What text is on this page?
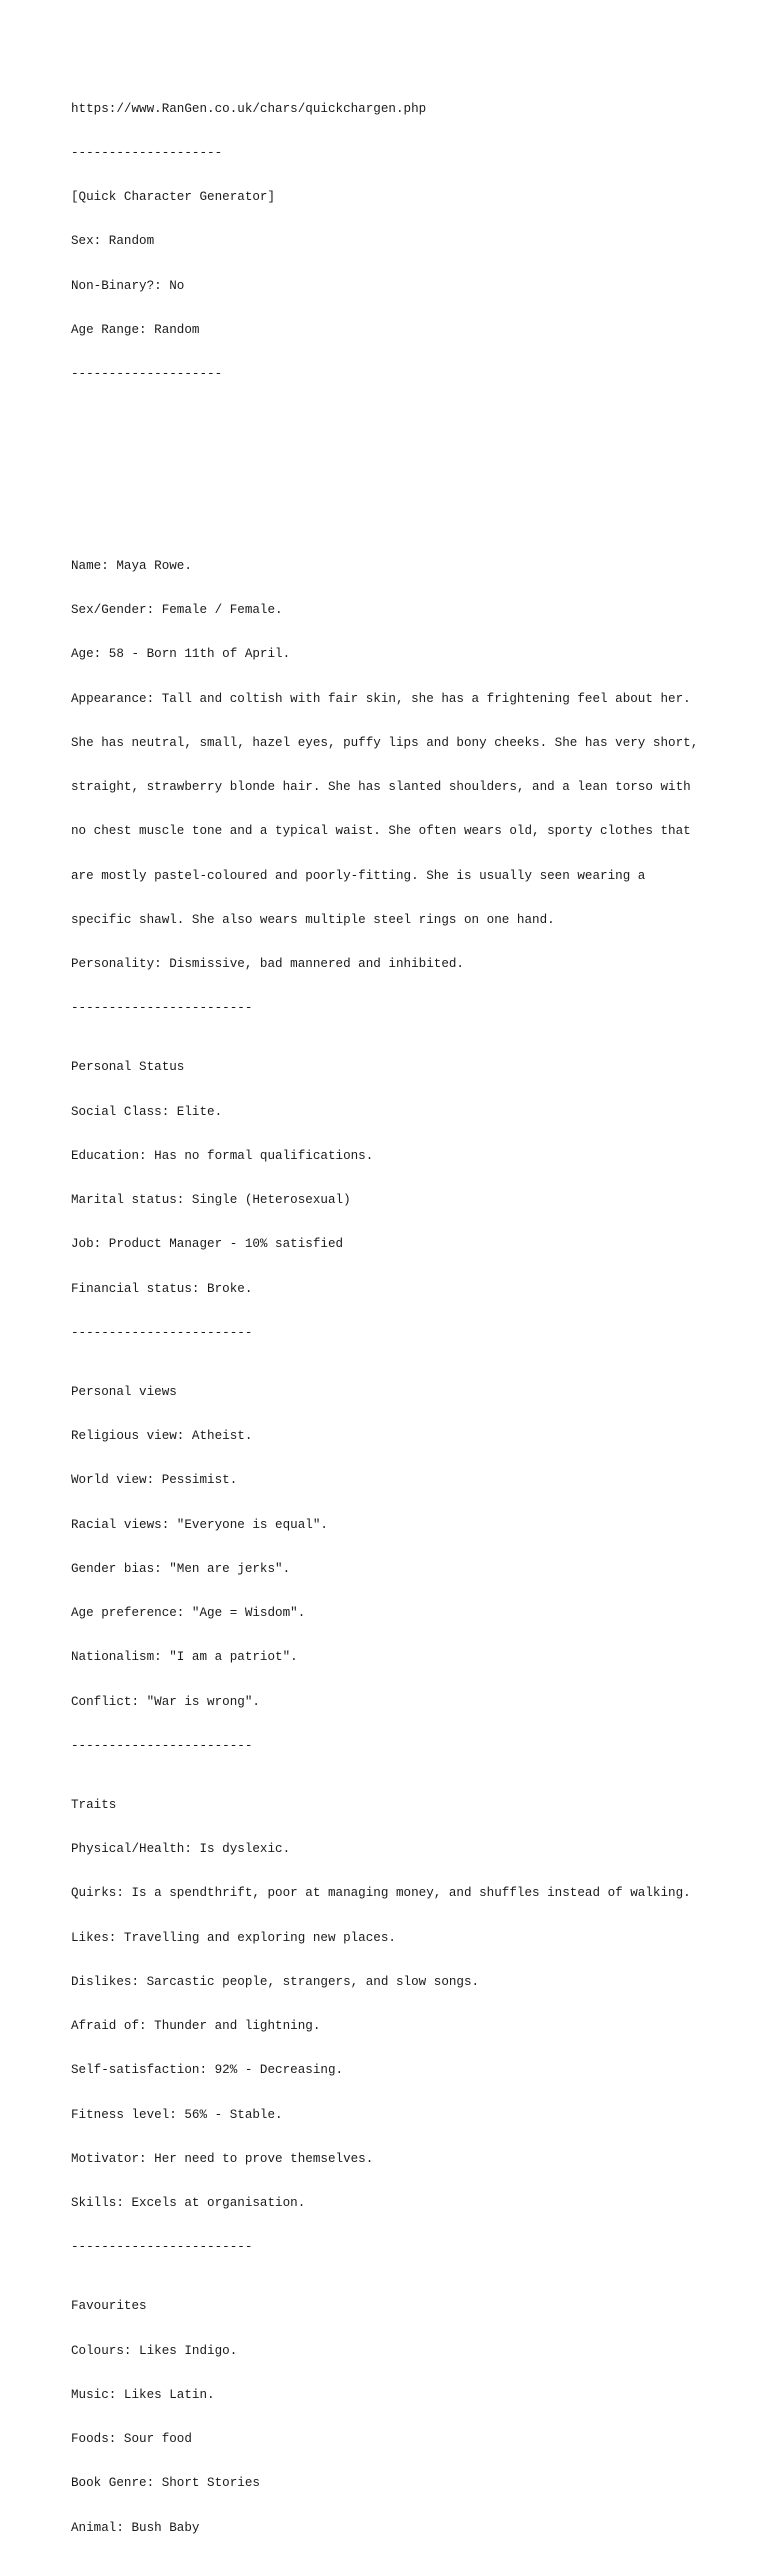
https://www.RanGen.co.uk/chars/quickchargen.php

--------------------

[Quick Character Generator]

Sex: Random

Non-Binary?: No

Age Range: Random

--------------------

Name: Maya Rowe.

Sex/Gender: Female / Female.

Age: 58 - Born 11th of April.

Appearance: Tall and coltish with fair skin, she has a frightening feel about her.

She has neutral, small, hazel eyes, puffy lips and bony cheeks. She has very short,

straight, strawberry blonde hair. She has slanted shoulders, and a lean torso with

no chest muscle tone and a typical waist. She often wears old, sporty clothes that

are mostly pastel-coloured and poorly-fitting. She is usually seen wearing a

specific shawl. She also wears multiple steel rings on one hand.

Personality: Dismissive, bad mannered and inhibited.

------------------------

Personal Status

Social Class: Elite.

Education: Has no formal qualifications.

Marital status: Single (Heterosexual)

Job: Product Manager - 10% satisfied

Financial status: Broke.

------------------------

Personal views

Religious view: Atheist.

World view: Pessimist.

Racial views: "Everyone is equal".

Gender bias: "Men are jerks".

Age preference: "Age = Wisdom".

Nationalism: "I am a patriot".

Conflict: "War is wrong".

------------------------

Traits

Physical/Health: Is dyslexic.

Quirks: Is a spendthrift, poor at managing money, and shuffles instead of walking.

Likes: Travelling and exploring new places.

Dislikes: Sarcastic people, strangers, and slow songs.

Afraid of: Thunder and lightning.

Self-satisfaction: 92% - Decreasing.

Fitness level: 56% - Stable.

Motivator: Her need to prove themselves.

Skills: Excels at organisation.

------------------------

Favourites

Colours: Likes Indigo.

Music: Likes Latin.

Foods: Sour food

Book Genre: Short Stories

Animal: Bush Baby
